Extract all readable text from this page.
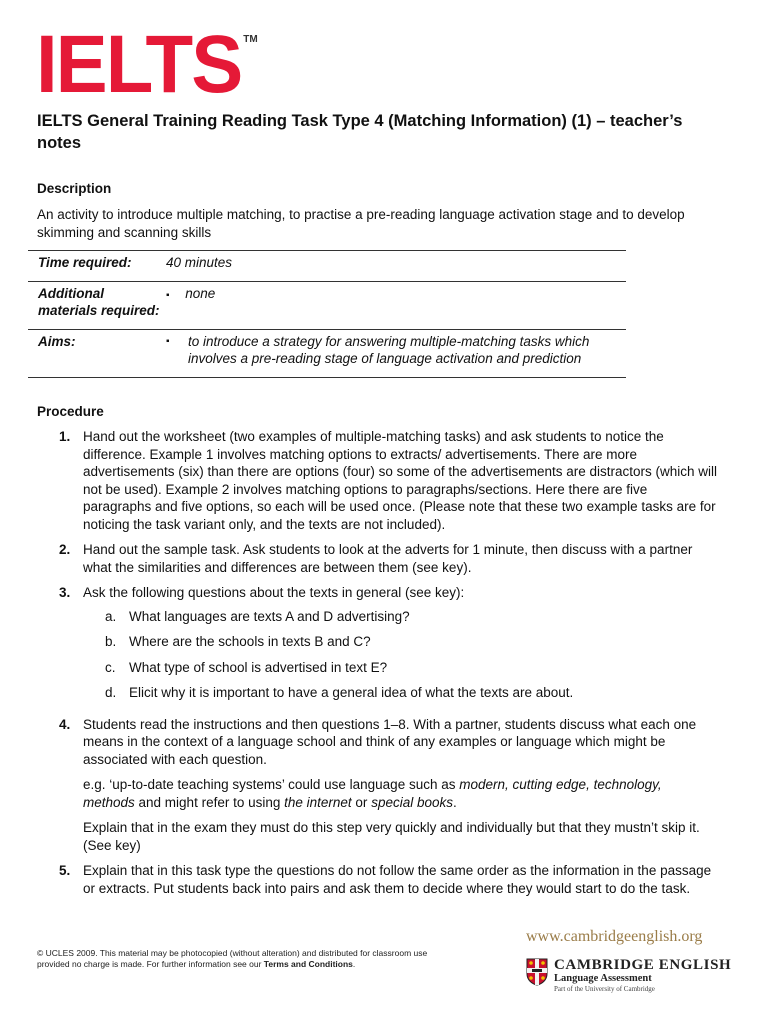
IELTS TM
IELTS General Training Reading Task Type 4 (Matching Information) (1) – teacher’s notes
Description
An activity to introduce multiple matching, to practise a pre-reading language activation stage and to develop skimming and scanning skills
Time required:	40 minutes
Additional materials required:	▪ none
Aims:	▪ to introduce a strategy for answering multiple-matching tasks which involves a pre-reading stage of language activation and prediction
Procedure
1. Hand out the worksheet (two examples of multiple-matching tasks) and ask students to notice the difference. Example 1 involves matching options to extracts/ advertisements. There are more advertisements (six) than there are options (four) so some of the advertisements are distractors (which will not be used). Example 2 involves matching options to paragraphs/sections. Here there are five paragraphs and five options, so each will be used once. (Please note that these two example tasks are for noticing the task variant only, and the texts are not included).
2. Hand out the sample task. Ask students to look at the adverts for 1 minute, then discuss with a partner what the similarities and differences are between them (see key).
3. Ask the following questions about the texts in general (see key):
a. What languages are texts A and D advertising?
b. Where are the schools in texts B and C?
c. What type of school is advertised in text E?
d. Elicit why it is important to have a general idea of what the texts are about.
4. Students read the instructions and then questions 1–8. With a partner, students discuss what each one means in the context of a language school and think of any examples or language which might be associated with each question.
e.g. ‘up-to-date teaching systems’ could use language such as modern, cutting edge, technology, methods and might refer to using the internet or special books.
Explain that in the exam they must do this step very quickly and individually but that they mustn’t skip it. (See key)
5. Explain that in this task type the questions do not follow the same order as the information in the passage or extracts. Put students back into pairs and ask them to decide where they would start to do the task.
© UCLES 2009. This material may be photocopied (without alteration) and distributed for classroom use provided no charge is made. For further information see our Terms and Conditions.
www.cambridgeenglish.org
CAMBRIDGE ENGLISH
Language Assessment
Part of the University of Cambridge
